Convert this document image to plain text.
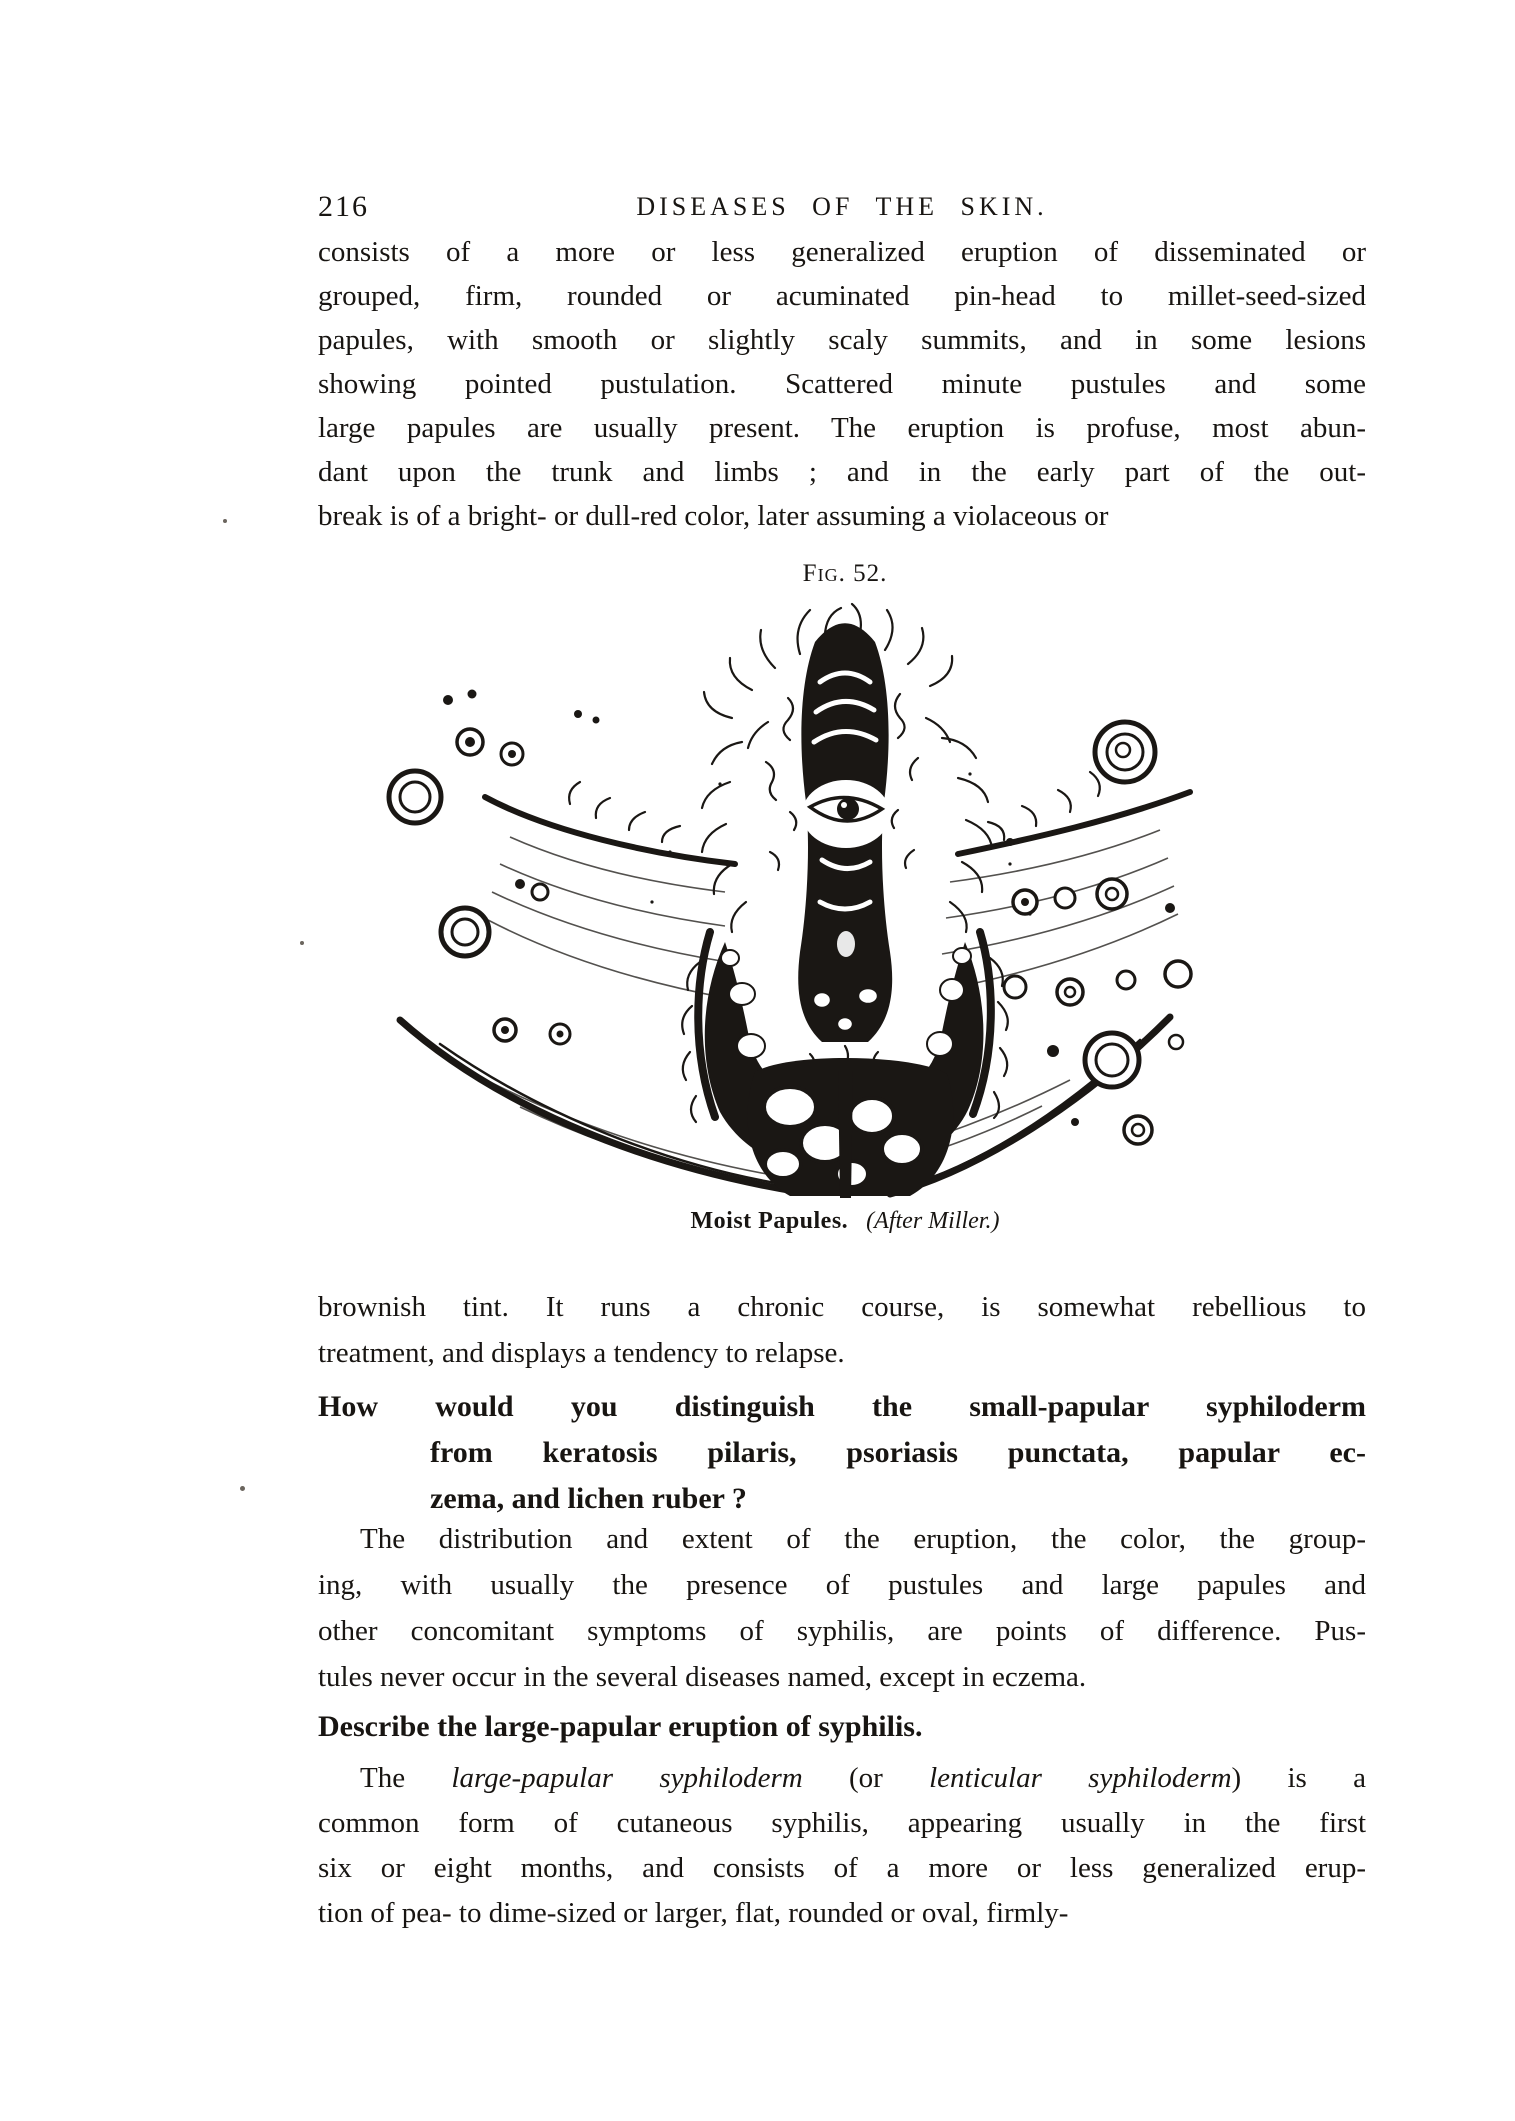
216	DISEASES OF THE SKIN.
consists of a more or less generalized eruption of disseminated or
grouped, firm, rounded or acuminated pin-head to millet-seed-sized
papules, with smooth or slightly scaly summits, and in some lesions
showing pointed pustulation. Scattered minute pustules and some
large papules are usually present. The eruption is profuse, most abun-
dant upon the trunk and limbs ; and in the early part of the out-
break is of a bright- or dull-red color, later assuming a violaceous or
Fig. 52.
Moist Papules. (After Miller.)
brownish tint. It runs a chronic course, is somewhat rebellious to
treatment, and displays a tendency to relapse.
How would you distinguish the small-papular syphiloderm
from keratosis pilaris, psoriasis punctata, papular ec-
zema, and lichen ruber ?
The distribution and extent of the eruption, the color, the group-
ing, with usually the presence of pustules and large papules and
other concomitant symptoms of syphilis, are points of difference. Pus-
tules never occur in the several diseases named, except in eczema.
Describe the large-papular eruption of syphilis.
The large-papular syphiloderm (or lenticular syphiloderm) is a
common form of cutaneous syphilis, appearing usually in the first
six or eight months, and consists of a more or less generalized erup-
tion of pea- to dime-sized or larger, flat, rounded or oval, firmly-
